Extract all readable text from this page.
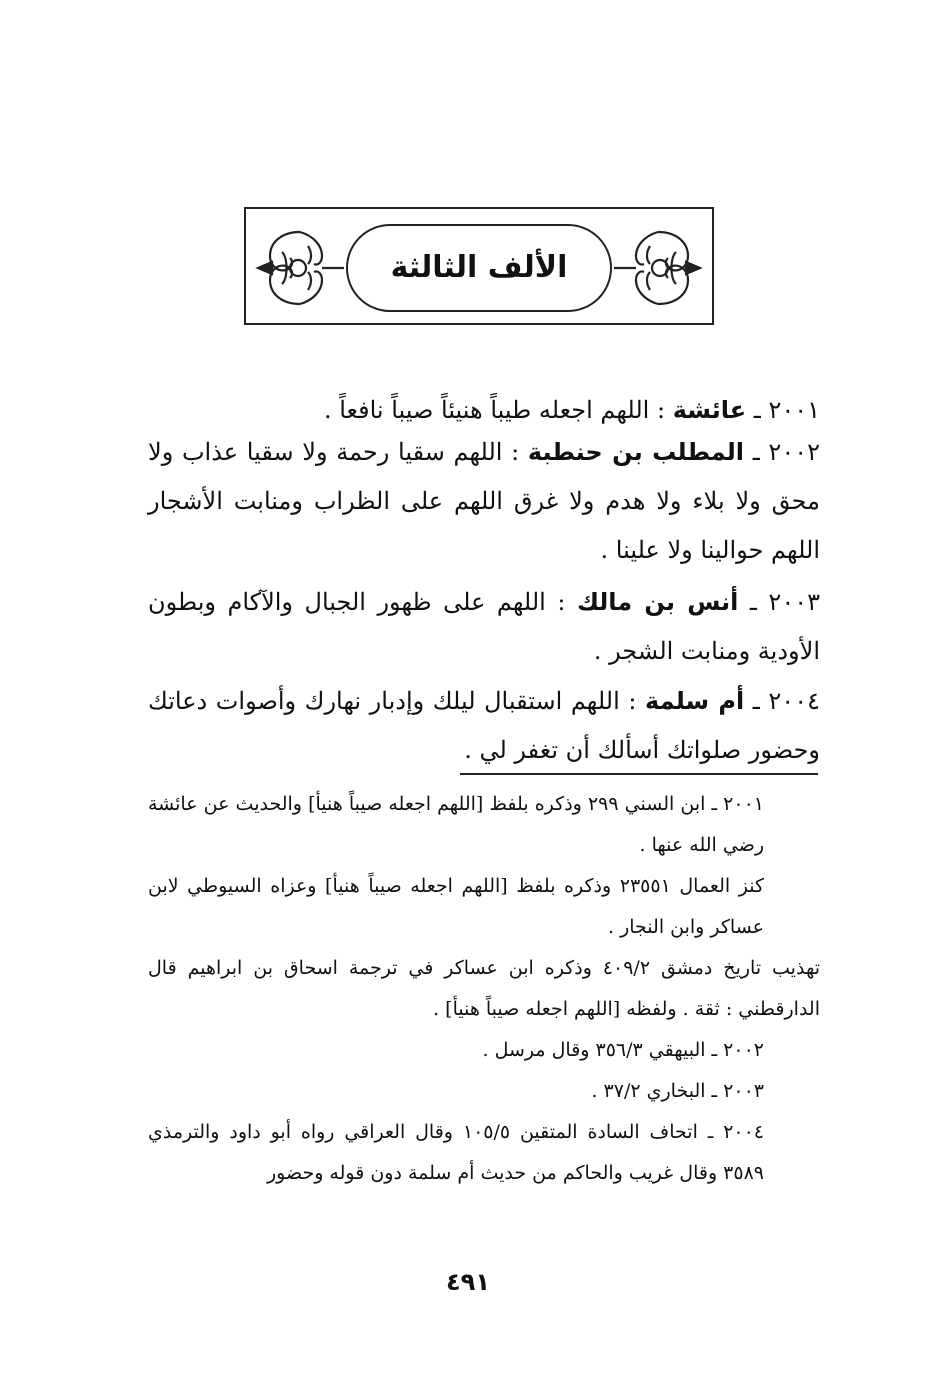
الألف الثالثة

٢٠٠١ ـ عائشة : اللهم اجعله طيباً هنيئاً صيباً نافعاً .

٢٠٠٢ ـ المطلب بن حنطبة : اللهم سقيا رحمة ولا سقيا عذاب ولا محق ولا بلاء ولا هدم ولا غرق اللهم على الظراب ومنابت الأشجار اللهم حوالينا ولا علينا .

٢٠٠٣ ـ أنس بن مالك : اللهم على ظهور الجبال والآكام وبطون الأودية ومنابت الشجر .

٢٠٠٤ ـ أم سلمة : اللهم استقبال ليلك وإدبار نهارك وأصوات دعاتك وحضور صلواتك أسألك أن تغفر لي .

٢٠٠١ ـ ابن السني ٢٩٩ وذكره بلفظ [اللهم اجعله صيباً هنيأ] والحديث عن عائشة رضي الله عنها .

كنز العمال ٢٣٥٥١ وذكره بلفظ [اللهم اجعله صيباً هنيأ] وعزاه السيوطي لابن عساكر وابن النجار .

تهذيب تاريخ دمشق ٤٠٩/٢ وذكره ابن عساكر في ترجمة اسحاق بن ابراهيم قال الدارقطني : ثقة . ولفظه [اللهم اجعله صيباً هنيأ] .

٢٠٠٢ ـ البيهقي ٣٥٦/٣ وقال مرسل .

٢٠٠٣ ـ البخاري ٣٧/٢ .

٢٠٠٤ ـ اتحاف السادة المتقين ١٠٥/٥ وقال العراقي رواه أبو داود والترمذي ٣٥٨٩ وقال غريب والحاكم من حديث أم سلمة دون قوله وحضور

٤٩١
